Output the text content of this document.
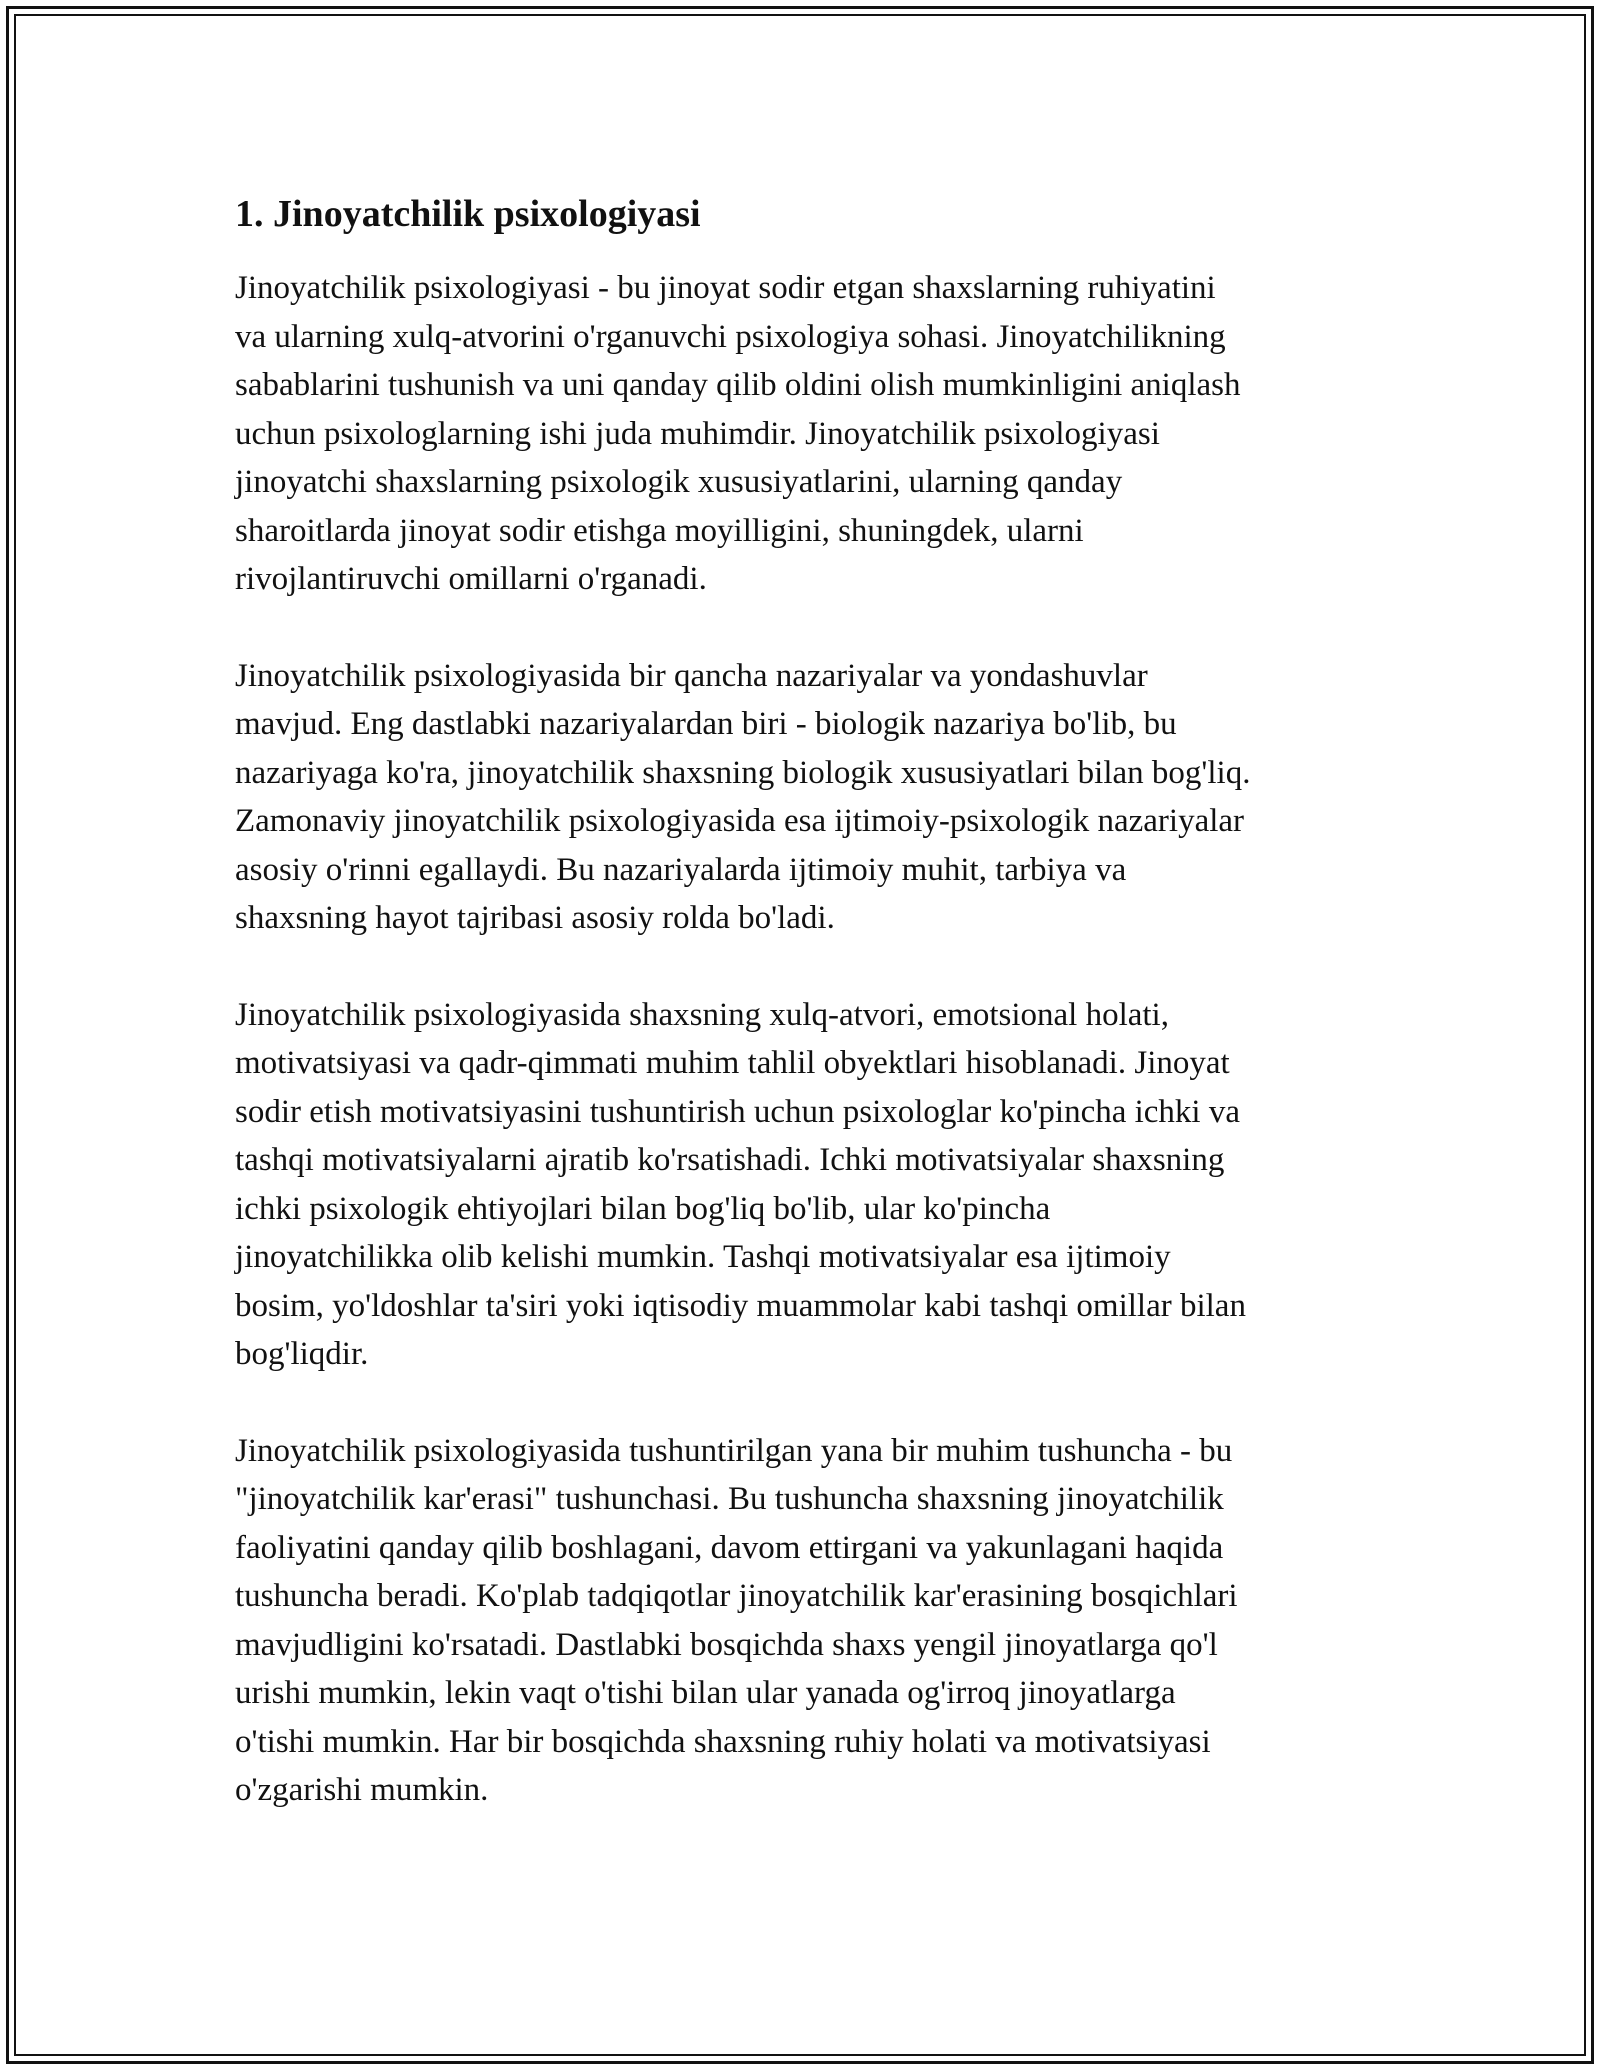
1. Jinoyatchilik psixologiyasi

Jinoyatchilik psixologiyasi - bu jinoyat sodir etgan shaxslarning ruhiyatini
va ularning xulq-atvorini o'rganuvchi psixologiya sohasi. Jinoyatchilikning
sabablarini tushunish va uni qanday qilib oldini olish mumkinligini aniqlash
uchun psixologlarning ishi juda muhimdir. Jinoyatchilik psixologiyasi
jinoyatchi shaxslarning psixologik xususiyatlarini, ularning qanday
sharoitlarda jinoyat sodir etishga moyilligini, shuningdek, ularni
rivojlantiruvchi omillarni o'rganadi.

Jinoyatchilik psixologiyasida bir qancha nazariyalar va yondashuvlar
mavjud. Eng dastlabki nazariyalardan biri - biologik nazariya bo'lib, bu
nazariyaga ko'ra, jinoyatchilik shaxsning biologik xususiyatlari bilan bog'liq.
Zamonaviy jinoyatchilik psixologiyasida esa ijtimoiy-psixologik nazariyalar
asosiy o'rinni egallaydi. Bu nazariyalarda ijtimoiy muhit, tarbiya va
shaxsning hayot tajribasi asosiy rolda bo'ladi.

Jinoyatchilik psixologiyasida shaxsning xulq-atvori, emotsional holati,
motivatsiyasi va qadr-qimmati muhim tahlil obyektlari hisoblanadi. Jinoyat
sodir etish motivatsiyasini tushuntirish uchun psixologlar ko'pincha ichki va
tashqi motivatsiyalarni ajratib ko'rsatishadi. Ichki motivatsiyalar shaxsning
ichki psixologik ehtiyojlari bilan bog'liq bo'lib, ular ko'pincha
jinoyatchilikka olib kelishi mumkin. Tashqi motivatsiyalar esa ijtimoiy
bosim, yo'ldoshlar ta'siri yoki iqtisodiy muammolar kabi tashqi omillar bilan
bog'liqdir.

Jinoyatchilik psixologiyasida tushuntirilgan yana bir muhim tushuncha - bu
"jinoyatchilik kar'erasi" tushunchasi. Bu tushuncha shaxsning jinoyatchilik
faoliyatini qanday qilib boshlagani, davom ettirgani va yakunlagani haqida
tushuncha beradi. Ko'plab tadqiqotlar jinoyatchilik kar'erasining bosqichlari
mavjudligini ko'rsatadi. Dastlabki bosqichda shaxs yengil jinoyatlarga qo'l
urishi mumkin, lekin vaqt o'tishi bilan ular yanada og'irroq jinoyatlarga
o'tishi mumkin. Har bir bosqichda shaxsning ruhiy holati va motivatsiyasi
o'zgarishi mumkin.
